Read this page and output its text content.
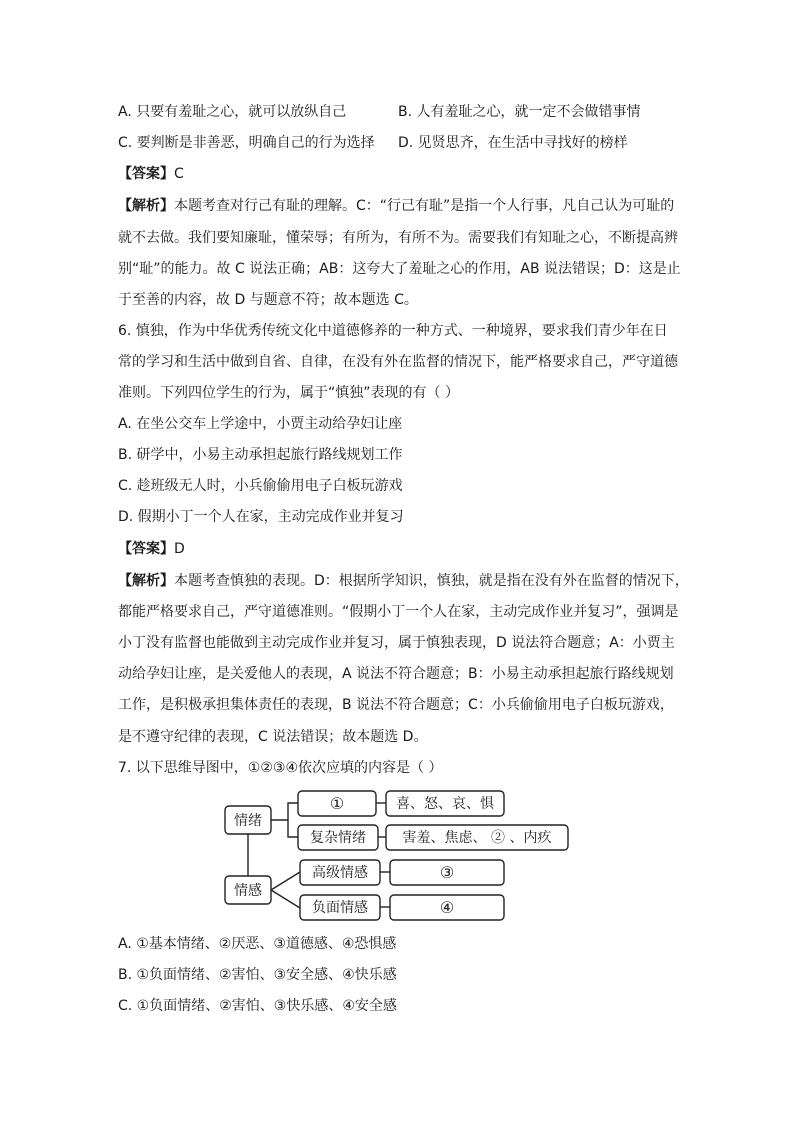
A. 只要有羞耻之心，就可以放纵自己	B. 人有羞耻之心，就一定不会做错事情
C. 要判断是非善恶，明确自己的行为选择 D. 见贤思齐，在生活中寻找好的榜样
【答案】C
【解析】本题考查对行己有耻的理解。C：“行己有耻”是指一个人行事，凡自己认为可耻的
就不去做。我们要知廉耻，懂荣辱；有所为，有所不为。需要我们有知耻之心，不断提高辨
别“耻”的能力。故 C 说法正确；AB：这夸大了羞耻之心的作用，AB 说法错误；D：这是止
于至善的内容，故 D 与题意不符；故本题选 C。
6. 慎独，作为中华优秀传统文化中道德修养的一种方式、一种境界，要求我们青少年在日
常的学习和生活中做到自省、自律，在没有外在监督的情况下，能严格要求自己，严守道德
准则。下列四位学生的行为，属于“慎独”表现的有（ ）
A. 在坐公交车上学途中，小贾主动给孕妇让座
B. 研学中，小易主动承担起旅行路线规划工作
C. 趁班级无人时，小兵偷偷用电子白板玩游戏
D. 假期小丁一个人在家，主动完成作业并复习
【答案】D
【解析】本题考查慎独的表现。D：根据所学知识，慎独，就是指在没有外在监督的情况下，
都能严格要求自己，严守道德准则。“假期小丁一个人在家，主动完成作业并复习”，强调是
小丁没有监督也能做到主动完成作业并复习，属于慎独表现，D 说法符合题意；A：小贾主
动给孕妇让座，是关爱他人的表现，A 说法不符合题意；B：小易主动承担起旅行路线规划
工作，是积极承担集体责任的表现，B 说法不符合题意；C：小兵偷偷用电子白板玩游戏，
是不遵守纪律的表现，C 说法错误；故本题选 D。
7. 以下思维导图中，①②③④依次应填的内容是（ ）
情绪
情感
①
复杂情绪
高级情感
负面情感
喜、怒、哀、惧
害羞、焦虑、 ② 、内疚
③
④
A. ①基本情绪、②厌恶、③道德感、④恐惧感
B. ①负面情绪、②害怕、③安全感、④快乐感
C. ①负面情绪、②害怕、③快乐感、④安全感
